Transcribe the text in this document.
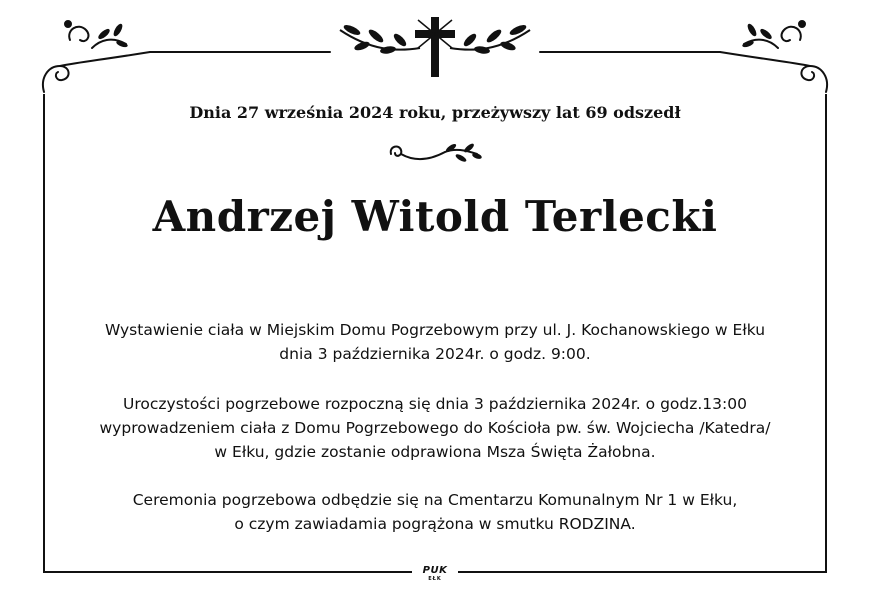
Dnia 27 września 2024 roku, przeżywszy lat 69 odszedł
Andrzej Witold Terlecki

Wystawienie ciała w Miejskim Domu Pogrzebowym przy ul. J. Kochanowskiego w Ełku
dnia 3 października 2024r. o godz. 9:00.

Uroczystości pogrzebowe rozpoczną się dnia 3 października 2024r. o godz.13:00
wyprowadzeniem ciała z Domu Pogrzebowego do Kościoła pw. św. Wojciecha /Katedra/
w Ełku, gdzie zostanie odprawiona Msza Święta Żałobna.

Ceremonia pogrzebowa odbędzie się na Cmentarzu Komunalnym Nr 1 w Ełku,
o czym zawiadamia pogrążona w smutku RODZINA.

PUK
EŁK
